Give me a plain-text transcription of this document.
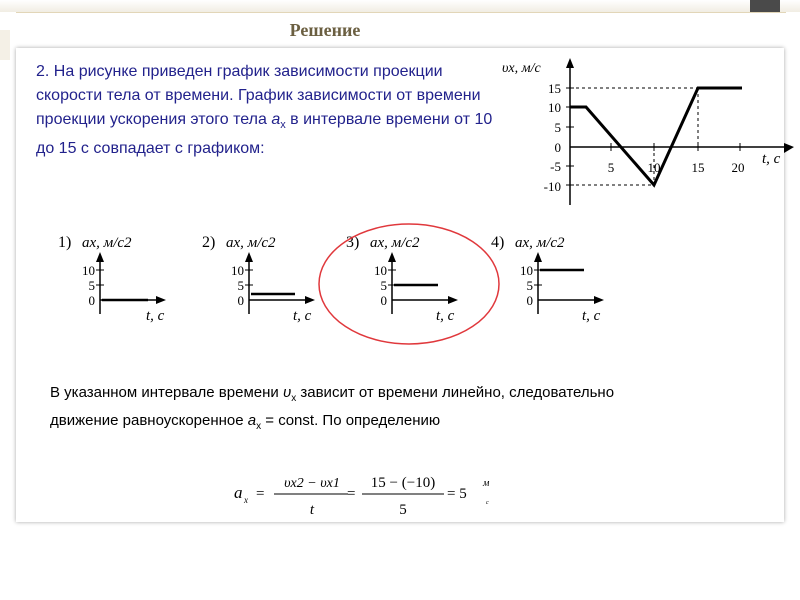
Решение
2. На рисунке приведен график зависимости проекции скорости тела от времени. График зависимости от времени проекции ускорения этого тела $a_x$ в интервале времени от 10 до 15 с совпадает с графиком:
υx, м/с
t, c
15
10
5
0
-5
-10
5	10 15 20
1) ax, м/с2
10
5
0
t, c
2) ax, м/с2
10
5
0
t, c
3) ax, м/с2
10
5
0
t, c
4) ax, м/с2
10
5
0
t, c
В указанном интервале времени $\upsilon_x$ зависит от времени линейно, следовательно
движение равноускоренное $a_x$ = const. По определению
a x =
υx2 − υx1
t
=
15 − (−10)
5
= 5
м
с
